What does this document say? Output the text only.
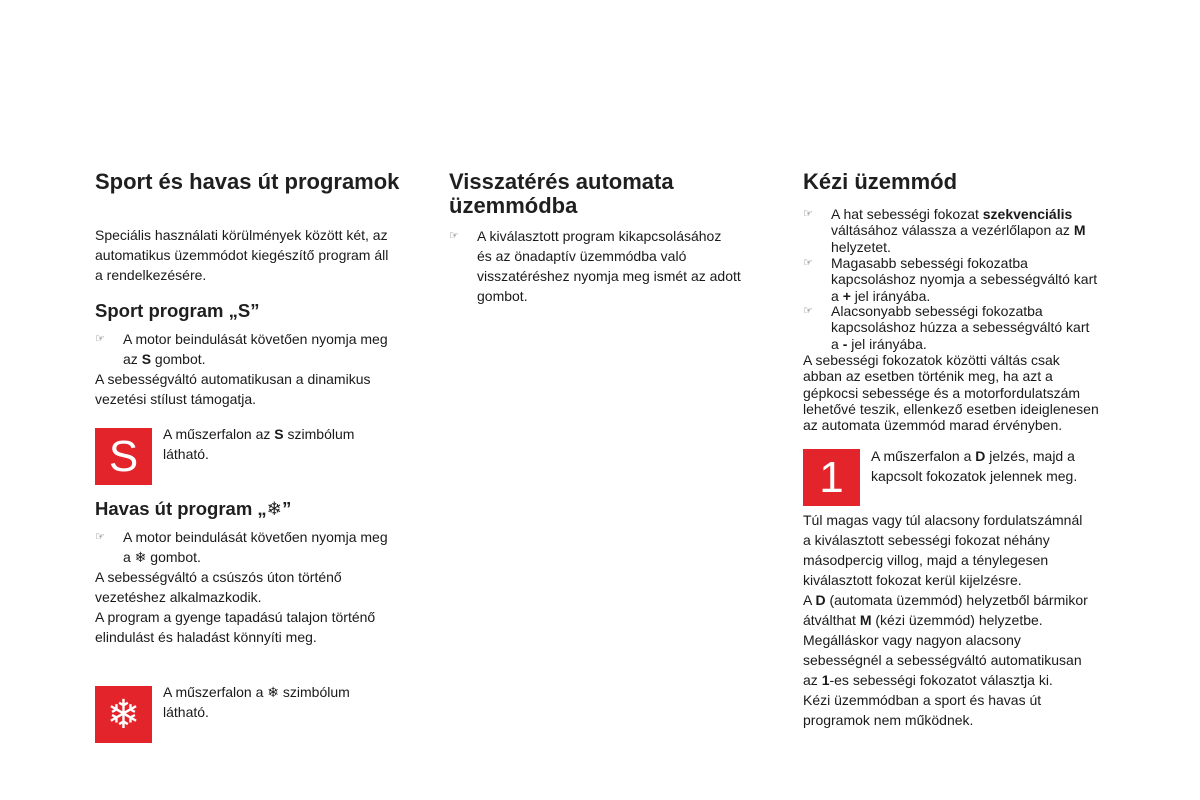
Sport és havas út programok
Speciális használati körülmények között két, az
automatikus üzemmódot kiegészítő program áll
a rendelkezésére.
Sport program „S”
☞ A motor beindulását követően nyomja meg
az S gombot.
A sebességváltó automatikusan a dinamikus
vezetési stílust támogatja.
S A műszerfalon az S szimbólum
látható.
Havas út program „❄”
☞ A motor beindulását követően nyomja meg
a ❄ gombot.
A sebességváltó a csúszós úton történő
vezetéshez alkalmazkodik.
A program a gyenge tapadású talajon történő
elindulást és haladást könnyíti meg.
❄
A műszerfalon a ❄ szimbólum
látható.
Visszatérés automata
üzemmódba
☞ A kiválasztott program kikapcsolásához
és az önadaptív üzemmódba való
visszatéréshez nyomja meg ismét az adott
gombot.
Kézi üzemmód
☞ A hat sebességi fokozat szekvenciális
váltásához válassza a vezérlőlapon az M
helyzetet.
☞ Magasabb sebességi fokozatba
kapcsoláshoz nyomja a sebességváltó kart
a + jel irányába.
☞ Alacsonyabb sebességi fokozatba
kapcsoláshoz húzza a sebességváltó kart
a - jel irányába.
A sebességi fokozatok közötti váltás csak
abban az esetben történik meg, ha azt a
gépkocsi sebessége és a motorfordulatszám
lehetővé teszik, ellenkező esetben ideiglenesen
az automata üzemmód marad érvényben.
1 A műszerfalon a D jelzés, majd a
kapcsolt fokozatok jelennek meg.
Túl magas vagy túl alacsony fordulatszámnál
a kiválasztott sebességi fokozat néhány
másodpercig villog, majd a ténylegesen
kiválasztott fokozat kerül kijelzésre.
A D (automata üzemmód) helyzetből bármikor
átválthat M (kézi üzemmód) helyzetbe.
Megálláskor vagy nagyon alacsony
sebességnél a sebességváltó automatikusan
az 1-es sebességi fokozatot választja ki.
Kézi üzemmódban a sport és havas út
programok nem működnek.
